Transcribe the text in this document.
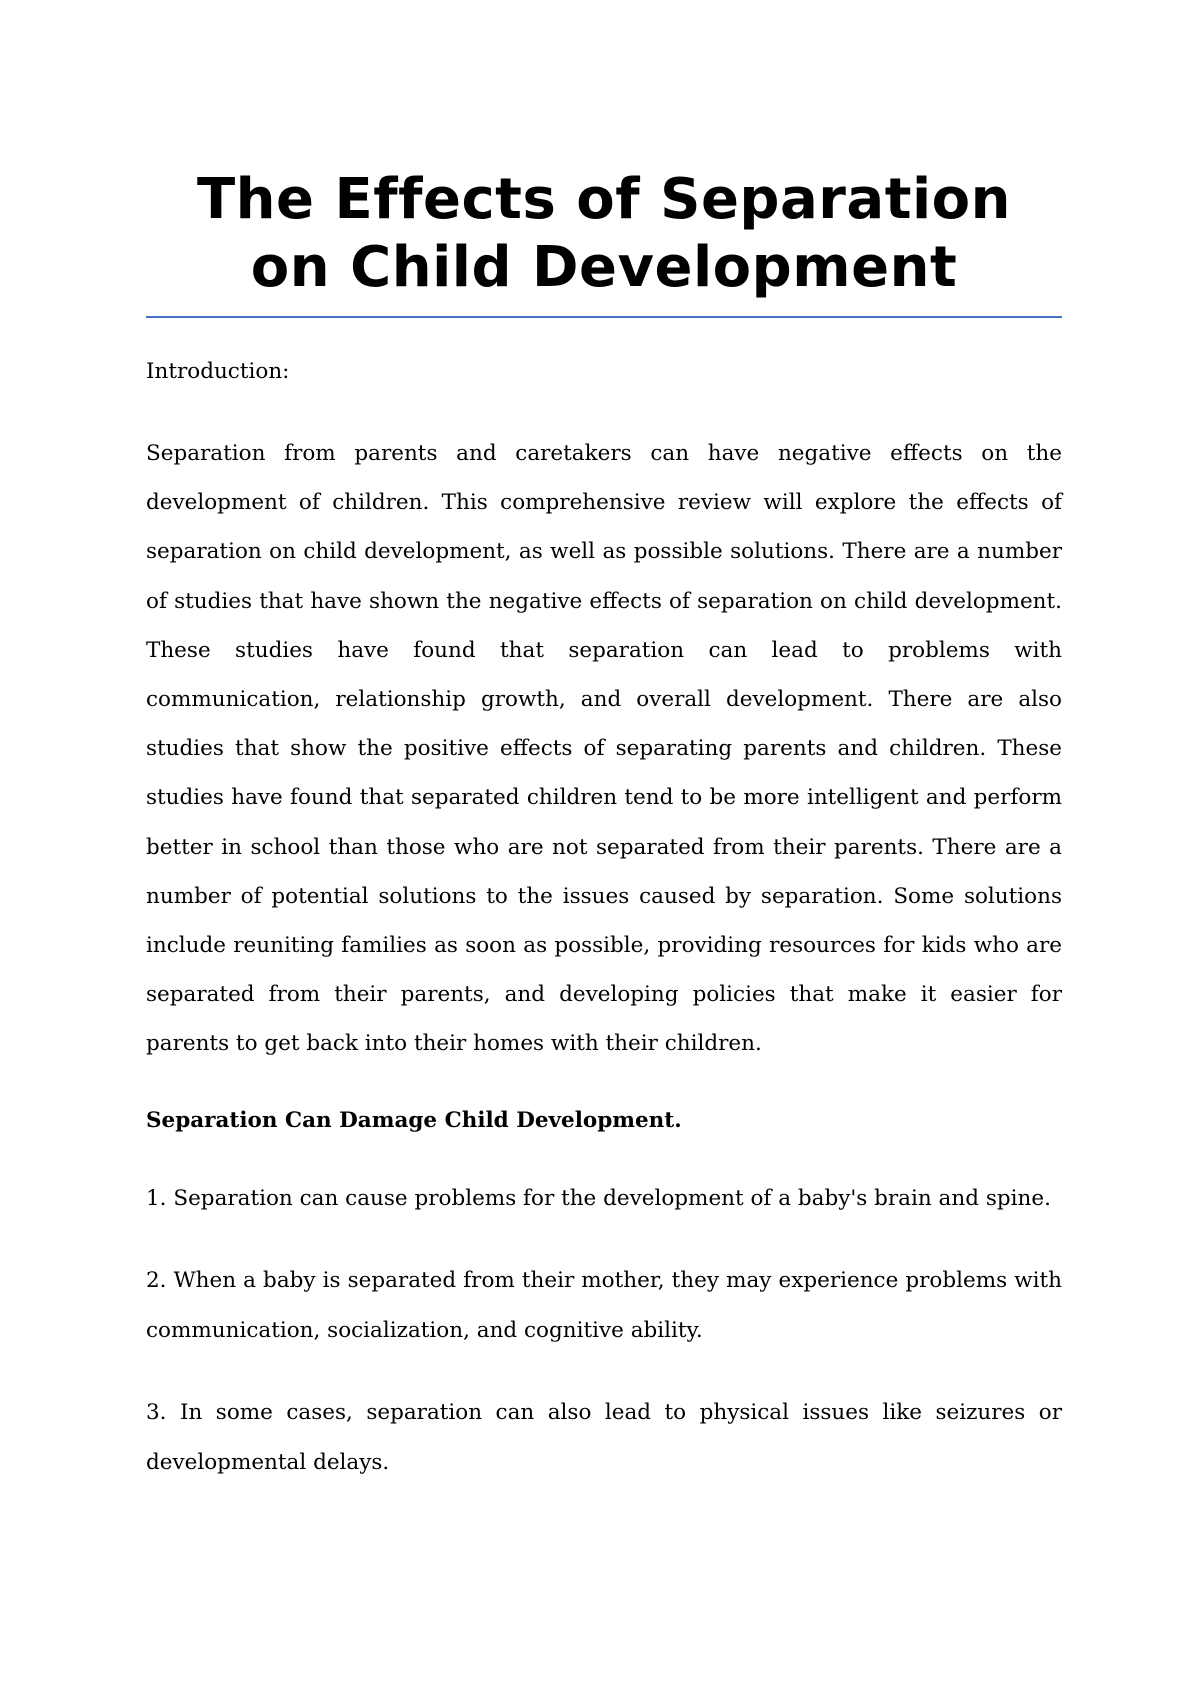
The Effects of Separation
on Child Development

Introduction:

Separation from parents and caretakers can have negative effects on the development of children. This comprehensive review will explore the effects of separation on child development, as well as possible solutions. There are a number of studies that have shown the negative effects of separation on child development. These studies have found that separation can lead to problems with communication, relationship growth, and overall development. There are also studies that show the positive effects of separating parents and children. These studies have found that separated children tend to be more intelligent and perform better in school than those who are not separated from their parents. There are a number of potential solutions to the issues caused by separation. Some solutions include reuniting families as soon as possible, providing resources for kids who are separated from their parents, and developing policies that make it easier for parents to get back into their homes with their children.

Separation Can Damage Child Development.

1. Separation can cause problems for the development of a baby's brain and spine.

2. When a baby is separated from their mother, they may experience problems with communication, socialization, and cognitive ability.

3. In some cases, separation can also lead to physical issues like seizures or developmental delays.
